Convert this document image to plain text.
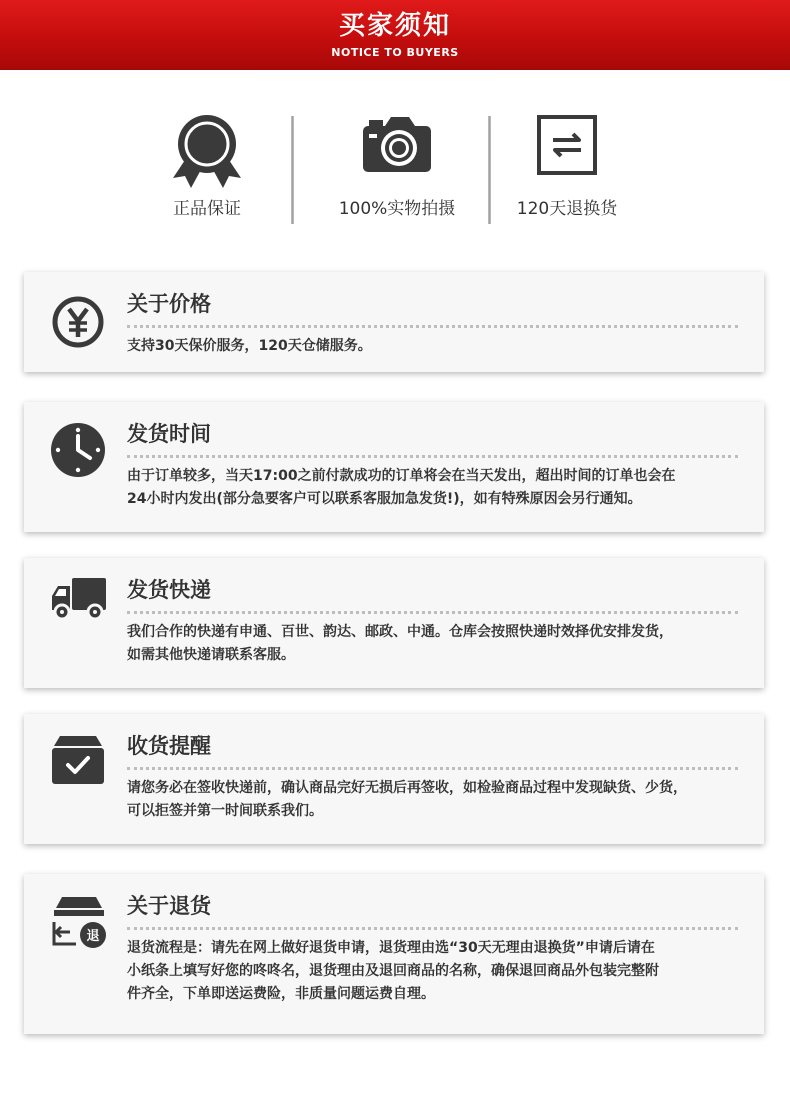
买家须知
NOTICE TO BUYERS
正品保证	100%实物拍摄	120天退换货
关于价格
支持30天保价服务，120天仓储服务。
发货时间
由于订单较多，当天17:00之前付款成功的订单将会在当天发出，超出时间的订单也会在
24小时内发出(部分急要客户可以联系客服加急发货!)，如有特殊原因会另行通知。
发货快递
我们合作的快递有申通、百世、韵达、邮政、中通。仓库会按照快递时效择优安排发货，
如需其他快递请联系客服。
收货提醒
请您务必在签收快递前，确认商品完好无损后再签收，如检验商品过程中发现缺货、少货，
可以拒签并第一时间联系我们。
退
关于退货
退货流程是：请先在网上做好退货申请，退货理由选“30天无理由退换货”申请后请在
小纸条上填写好您的咚咚名，退货理由及退回商品的名称，确保退回商品外包装完整附
件齐全，下单即送运费险，非质量问题运费自理。
